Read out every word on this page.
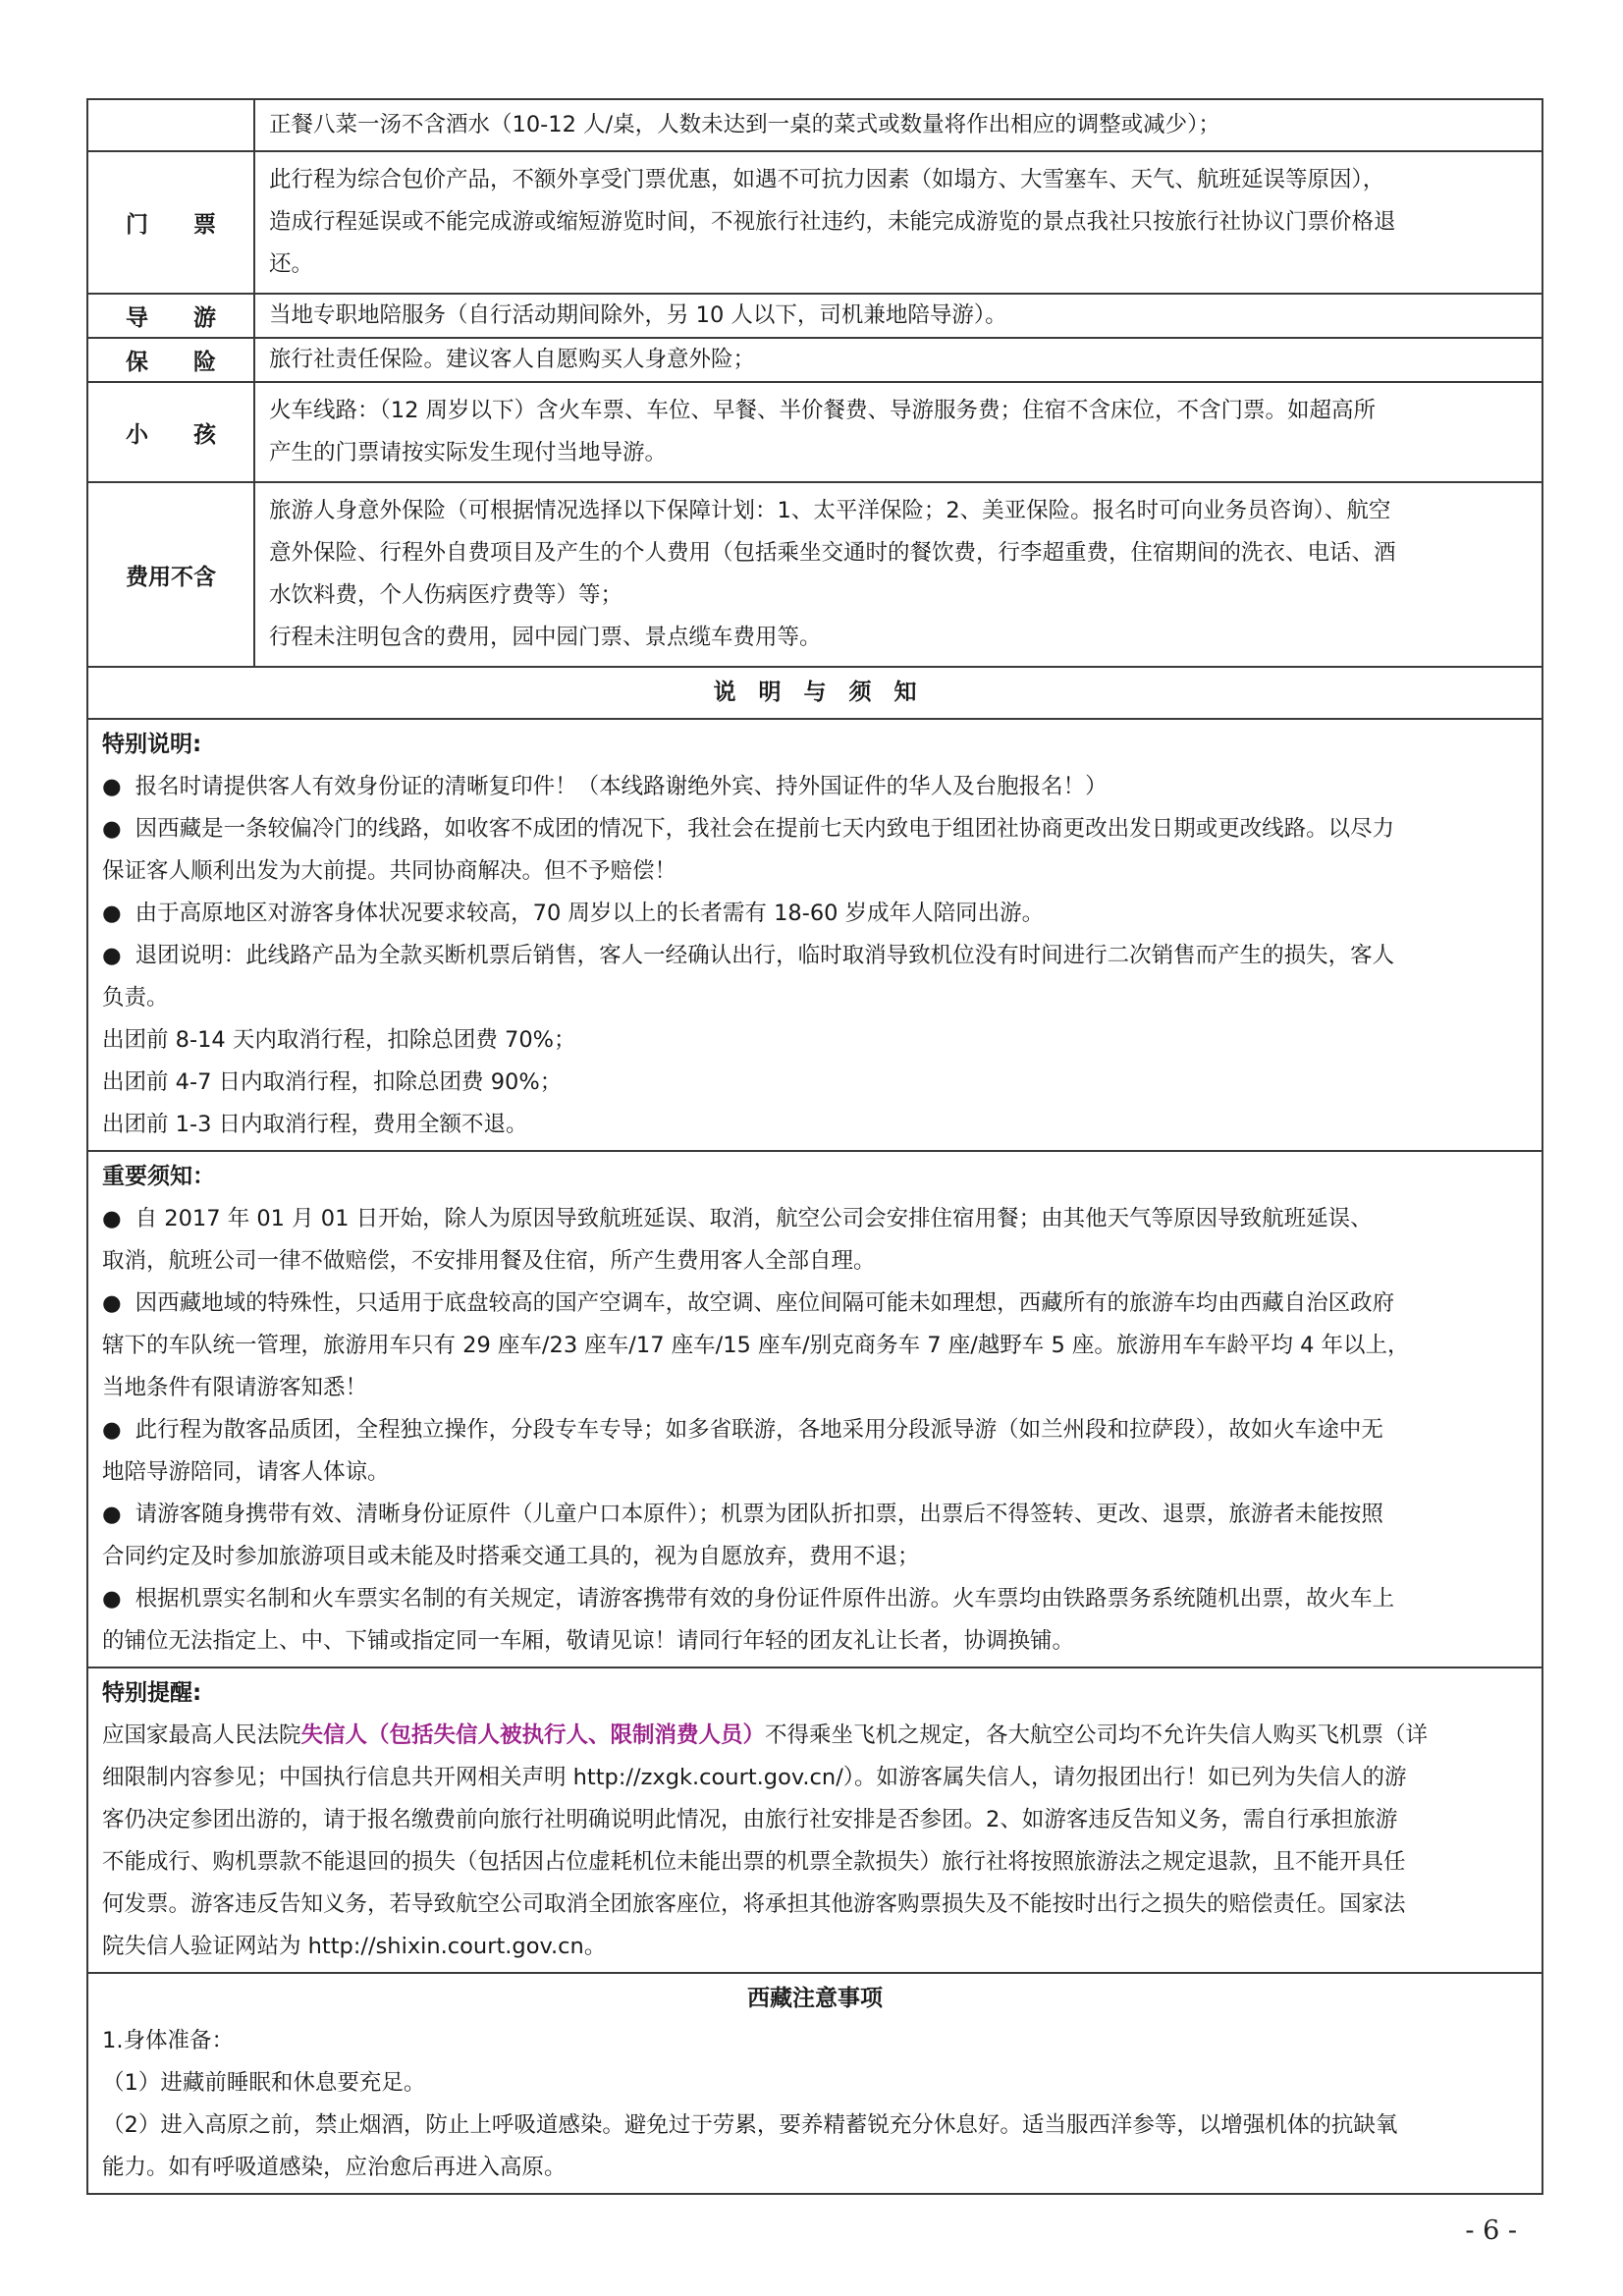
正餐八菜一汤不含酒水（10-12 人/桌，人数未达到一桌的菜式或数量将作出相应的调整或减少）；
门　　票

此行程为综合包价产品，不额外享受门票优惠，如遇不可抗力因素（如塌方、大雪塞车、天气、航班延误等原因），

造成行程延误或不能完成游或缩短游览时间，不视旅行社违约，未能完成游览的景点我社只按旅行社协议门票价格退

还。

导　　游	当地专职地陪服务（自行活动期间除外，另 10 人以下，司机兼地陪导游）。
保　　险	旅行社责任保险。建议客人自愿购买人身意外险；
小　　孩

火车线路：（12 周岁以下）含火车票、车位、早餐、半价餐费、导游服务费；住宿不含床位，不含门票。如超高所

产生的门票请按实际发生现付当地导游。

费用不含

旅游人身意外保险（可根据情况选择以下保障计划：1、太平洋保险；2、美亚保险。报名时可向业务员咨询）、航空

意外保险、行程外自费项目及产生的个人费用（包括乘坐交通时的餐饮费，行李超重费，住宿期间的洗衣、电话、酒

水饮料费，个人伤病医疗费等）等；

行程未注明包含的费用，园中园门票、景点缆车费用等。

说　明　与　须　知

特别说明:

● 报名时请提供客人有效身份证的清晰复印件！（本线路谢绝外宾、持外国证件的华人及台胞报名！）

● 因西藏是一条较偏冷门的线路，如收客不成团的情况下，我社会在提前七天内致电于组团社协商更改出发日期或更改线路。以尽力

保证客人顺利出发为大前提。共同协商解决。但不予赔偿！

● 由于高原地区对游客身体状况要求较高，70 周岁以上的长者需有 18-60 岁成年人陪同出游。

● 退团说明：此线路产品为全款买断机票后销售，客人一经确认出行，临时取消导致机位没有时间进行二次销售而产生的损失，客人

负责。

出团前 8-14 天内取消行程，扣除总团费 70%；

出团前 4-7 日内取消行程，扣除总团费 90%；

出团前 1-3 日内取消行程，费用全额不退。

重要须知：

● 自 2017 年 01 月 01 日开始，除人为原因导致航班延误、取消，航空公司会安排住宿用餐；由其他天气等原因导致航班延误、

取消，航班公司一律不做赔偿，不安排用餐及住宿，所产生费用客人全部自理。

● 因西藏地域的特殊性，只适用于底盘较高的国产空调车，故空调、座位间隔可能未如理想，西藏所有的旅游车均由西藏自治区政府

辖下的车队统一管理，旅游用车只有 29 座车/23 座车/17 座车/15 座车/别克商务车 7 座/越野车 5 座。旅游用车车龄平均 4 年以上，

当地条件有限请游客知悉！

● 此行程为散客品质团，全程独立操作，分段专车专导；如多省联游，各地采用分段派导游（如兰州段和拉萨段），故如火车途中无

地陪导游陪同，请客人体谅。

● 请游客随身携带有效、清晰身份证原件（儿童户口本原件）；机票为团队折扣票，出票后不得签转、更改、退票，旅游者未能按照

合同约定及时参加旅游项目或未能及时搭乘交通工具的，视为自愿放弃，费用不退；

● 根据机票实名制和火车票实名制的有关规定，请游客携带有效的身份证件原件出游。火车票均由铁路票务系统随机出票，故火车上

的铺位无法指定上、中、下铺或指定同一车厢，敬请见谅！请同行年轻的团友礼让长者，协调换铺。

特别提醒:

应国家最高人民法院失信人（包括失信人被执行人、限制消费人员）不得乘坐飞机之规定，各大航空公司均不允许失信人购买飞机票（详

细限制内容参见；中国执行信息共开网相关声明 http://zxgk.court.gov.cn/）。如游客属失信人，请勿报团出行！如已列为失信人的游

客仍决定参团出游的，请于报名缴费前向旅行社明确说明此情况，由旅行社安排是否参团。2、如游客违反告知义务，需自行承担旅游

不能成行、购机票款不能退回的损失（包括因占位虚耗机位未能出票的机票全款损失）旅行社将按照旅游法之规定退款，且不能开具任

何发票。游客违反告知义务，若导致航空公司取消全团旅客座位，将承担其他游客购票损失及不能按时出行之损失的赔偿责任。国家法

院失信人验证网站为 http://shixin.court.gov.cn。

西藏注意事项

1.身体准备：

（1）进藏前睡眠和休息要充足。

（2）进入高原之前，禁止烟酒，防止上呼吸道感染。避免过于劳累，要养精蓄锐充分休息好。适当服西洋参等，以增强机体的抗缺氧

能力。如有呼吸道感染，应治愈后再进入高原。

- 6 -
